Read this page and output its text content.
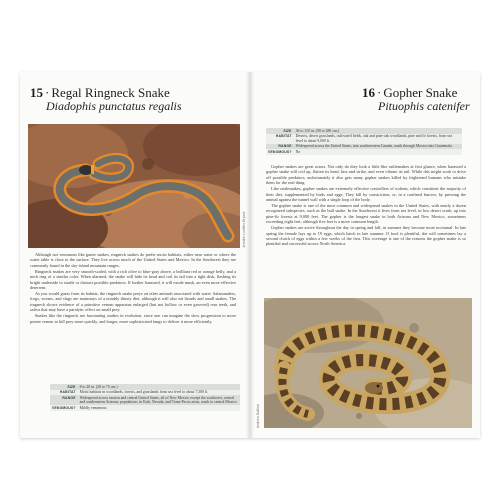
15 · Regal Ringneck Snake
Diadophis punctatus regalis
Jennifer Loeffler-Bryant

Although not venomous like garter snakes, ringneck snakes do prefer moist habitats, either near water or where the water table is close to the surface. They live across much of the United States and Mexico. In the Southwest they are commonly found in the sky-island mountain ranges.

Ringneck snakes are very smooth-scaled, with a rich olive to blue-gray above, a brilliant red or orange belly, and a neck ring of a similar color. When alarmed, the snake will hide its head and coil its tail into a tight disk, flashing its bright underside to startle or distract possible predators. If further harassed, it will exude musk, an even more effective deterrent.

As you would guess from its habitat, the ringneck snake preys on other animals associated with water. Salamanders, frogs, worms, and slugs are mainstays of a notably thirsty diet, although it will also eat lizards and small snakes. The ringneck shows evidence of a primitive venom apparatus enlarged (but not hollow or even grooved) rear teeth, and saliva that may have a paralytic effect on small prey.

Snakes like the ringneck are fascinating studies in evolution, since one can imagine the slow progression to more potent venom to kill prey more quickly, and longer, more sophisticated fangs to deliver it more efficiently.

SIZE	8 to 20 in. (20 to 75 cm.)
HABITAT	Moist habitats in woodlands, forests, and grasslands from sea level to about 7,300 ft.
RANGE	Widespread across eastern and central United States, all of New Mexico except the southwest, central and southeastern Arizona; populations in Utah, Nevada, and Trans-Pecos areas, south to central Mexico
VENOMOUS?	Mildly venomous
16 · Gopher Snake
Pituophis catenifer
SIZE	36 to 110 in. (90 to 280 cm.)
HABITAT	Deserts, desert grasslands, cultivated fields, oak and pine-oak woodlands, pine and fir forests, from sea level to about 9,000 ft.
RANGE	Widespread across the United States, into southwestern Canada, south through Mexico into Guatemala
VENOMOUS?	No

Gopher snakes are great actors. Not only do they look a little like rattlesnakes at first glance, when harassed a gopher snake will coil up, flatten its head, hiss and strike, and even vibrate its tail. While this might work to drive off possible predators, unfortunately it also gets many gopher snakes killed by frightened humans who mistake them for the real thing.

Like rattlesnakes, gopher snakes are extremely effective controllers of rodents, which constitute the majority of their diet, supplemented by birds and eggs. They kill by constriction, or, in a confined burrow, by pressing the animal against the tunnel wall with a single loop of the body.

The gopher snake is one of the most common and widespread snakes in the United States, with nearly a dozen recognized subspecies, such as the bull snake. In the Southwest it lives from sea level, in low desert scrub, up into pine-fir forests at 9,000 feet. The gopher is the longest snake in both Arizona and New Mexico, sometimes exceeding eight feet, although five feet is a more common length.

Gopher snakes are active throughout the day in spring and fall; in summer they become more nocturnal. In late spring the female lays up to 19 eggs, which hatch in late summer. If food is plentiful, she will sometimes lay a second clutch of eggs within a few weeks of the first. This coverage is one of the reasons the gopher snake is so plentiful and successful across North America.

Andrew DuBois
